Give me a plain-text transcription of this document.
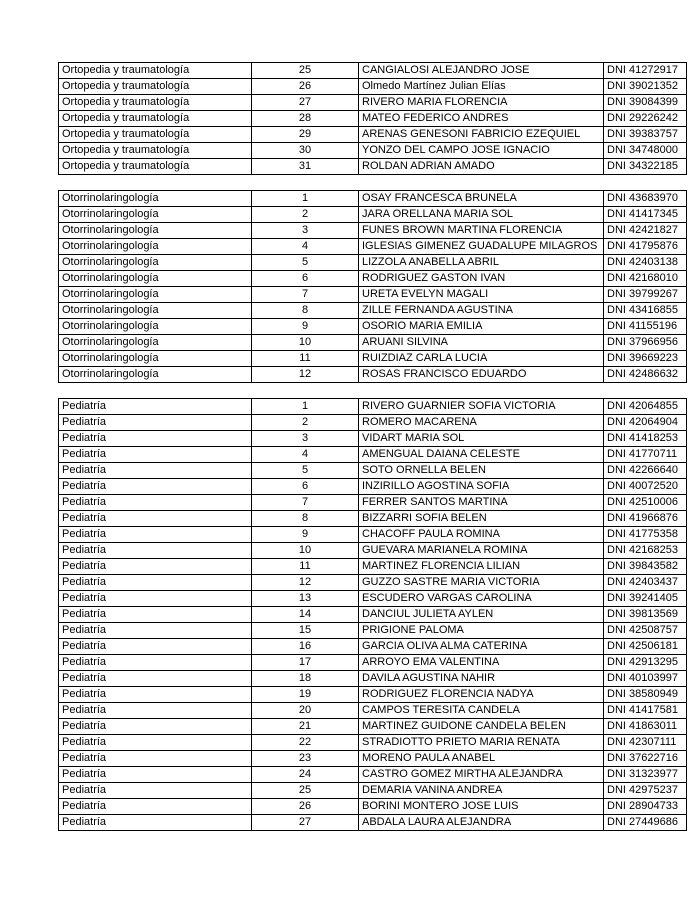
Ortopedia y traumatología	25	CANGIALOSI ALEJANDRO JOSE	DNI 41272917
Ortopedia y traumatología	26	Olmedo Martínez Julian Elías	DNI 39021352
Ortopedia y traumatología	27	RIVERO MARIA FLORENCIA	DNI 39084399
Ortopedia y traumatología	28	MATEO FEDERICO ANDRES	DNI 29226242
Ortopedia y traumatología	29	ARENAS GENESONI FABRICIO EZEQUIEL	DNI 39383757
Ortopedia y traumatología	30	YONZO DEL CAMPO JOSE IGNACIO	DNI 34748000
Ortopedia y traumatología	31	ROLDAN ADRIAN AMADO	DNI 34322185
Otorrinolaringología	1	OSAY FRANCESCA BRUNELA	DNI 43683970
Otorrinolaringología	2	JARA ORELLANA MARIA SOL	DNI 41417345
Otorrinolaringología	3	FUNES BROWN MARTINA FLORENCIA	DNI 42421827
Otorrinolaringología	4	IGLESIAS GIMENEZ GUADALUPE MILAGROS	DNI 41795876
Otorrinolaringología	5	LIZZOLA ANABELLA ABRIL	DNI 42403138
Otorrinolaringología	6	RODRIGUEZ GASTON IVAN	DNI 42168010
Otorrinolaringología	7	URETA EVELYN MAGALI	DNI 39799267
Otorrinolaringología	8	ZILLE FERNANDA AGUSTINA	DNI 43416855
Otorrinolaringología	9	OSORIO MARIA EMILIA	DNI 41155196
Otorrinolaringología	10	ARUANI SILVINA	DNI 37966956
Otorrinolaringología	11	RUIZDIAZ CARLA LUCIA	DNI 39669223
Otorrinolaringología	12	ROSAS FRANCISCO EDUARDO	DNI 42486632
Pediatría	1	RIVERO GUARNIER SOFIA VICTORIA	DNI 42064855
Pediatría	2	ROMERO MACARENA	DNI 42064904
Pediatría	3	VIDART MARIA SOL	DNI 41418253
Pediatría	4	AMENGUAL DAIANA CELESTE	DNI 41770711
Pediatría	5	SOTO ORNELLA BELEN	DNI 42266640
Pediatría	6	INZIRILLO AGOSTINA SOFIA	DNI 40072520
Pediatría	7	FERRER SANTOS MARTINA	DNI 42510006
Pediatría	8	BIZZARRI SOFIA BELEN	DNI 41966876
Pediatría	9	CHACOFF PAULA ROMINA	DNI 41775358
Pediatría	10	GUEVARA MARIANELA ROMINA	DNI 42168253
Pediatría	11	MARTINEZ FLORENCIA LILIAN	DNI 39843582
Pediatría	12	GUZZO SASTRE MARIA VICTORIA	DNI 42403437
Pediatría	13	ESCUDERO VARGAS CAROLINA	DNI 39241405
Pediatría	14	DANCIUL JULIETA AYLEN	DNI 39813569
Pediatría	15	PRIGIONE PALOMA	DNI 42508757
Pediatría	16	GARCIA OLIVA ALMA CATERINA	DNI 42506181
Pediatría	17	ARROYO EMA VALENTINA	DNI 42913295
Pediatría	18	DAVILA AGUSTINA NAHIR	DNI 40103997
Pediatría	19	RODRIGUEZ FLORENCIA NADYA	DNI 38580949
Pediatría	20	CAMPOS TERESITA CANDELA	DNI 41417581
Pediatría	21	MARTINEZ GUIDONE CANDELA BELEN	DNI 41863011
Pediatría	22	STRADIOTTO PRIETO MARIA RENATA	DNI 42307111
Pediatría	23	MORENO PAULA ANABEL	DNI 37622716
Pediatría	24	CASTRO GOMEZ MIRTHA ALEJANDRA	DNI 31323977
Pediatría	25	DEMARIA VANINA ANDREA	DNI 42975237
Pediatría	26	BORINI MONTERO JOSE LUIS	DNI 28904733
Pediatría	27	ABDALA LAURA ALEJANDRA	DNI 27449686
